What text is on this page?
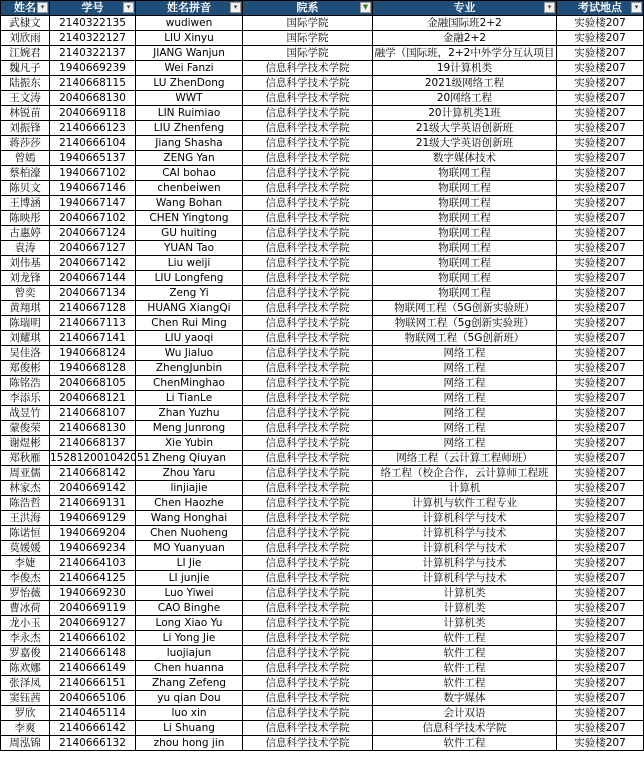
姓名 ▾	学号 ▾	姓名拼音 ▾	院系 ▼	专业 ▾	考试地点 ▾

武棣文	2140322135	wudiwen	国际学院	金融国际班2+2	实验楼207
刘欣雨	2140322127	LIU Xinyu	国际学院	金融2+2	实验楼207
江婉君	2140322137	JIANG Wanjun	国际学院	融学（国际班，2+2中外学分互认项目	实验楼207
魏凡子	1940669239	Wei Fanzi	信息科学技术学院	19计算机类	实验楼207
陆振东	2140668115	LU ZhenDong	信息科学技术学院	2021级网络工程	实验楼207
王文涛	2040668130	WWT	信息科学技术学院	20网络工程	实验楼207
林锐苗	2040669118	LIN Ruimiao	信息科学技术学院	20计算机类1班	实验楼207
刘振锋	2140666123	LIU Zhenfeng	信息科学技术学院	21级大学英语创新班	实验楼207
蒋莎莎	2140666104	Jiang Shasha	信息科学技术学院	21级大学英语创新班	实验楼207
曾嫣	1940665137	ZENG Yan	信息科学技术学院	数字媒体技术	实验楼207
蔡柏濠	1940667102	CAI bohao	信息科学技术学院	物联网工程	实验楼207
陈贝文	1940667146	chenbeiwen	信息科学技术学院	物联网工程	实验楼207
王博涵	1940667147	Wang Bohan	信息科学技术学院	物联网工程	实验楼207
陈映彤	2040667102	CHEN Yingtong	信息科学技术学院	物联网工程	实验楼207
古惠婷	2040667124	GU huiting	信息科学技术学院	物联网工程	实验楼207
袁涛	2040667127	YUAN Tao	信息科学技术学院	物联网工程	实验楼207
刘伟基	2040667142	Liu weiji	信息科学技术学院	物联网工程	实验楼207
刘龙锋	2040667144	LIU Longfeng	信息科学技术学院	物联网工程	实验楼207
曾奕	2040667134	Zeng Yi	信息科学技术学院	物联网工程	实验楼207
黄翔琪	2140667128	HUANG XiangQi	信息科学技术学院	物联网工程（5G创新实验班）	实验楼207
陈瑞明	2140667113	Chen Rui Ming	信息科学技术学院	物联网工程（5g创新实验班）	实验楼207
刘耀琪	2140667141	LIU yaoqi	信息科学技术学院	物联网工程（5G创新班）	实验楼207
吴佳洛	1940668124	Wu Jialuo	信息科学技术学院	网络工程	实验楼207
郑俊彬	1940668128	ZhengJunbin	信息科学技术学院	网络工程	实验楼207
陈铭浩	2040668105	ChenMinghao	信息科学技术学院	网络工程	实验楼207
李添乐	2040668121	Li TianLe	信息科学技术学院	网络工程	实验楼207
战昱竹	2140668107	Zhan Yuzhu	信息科学技术学院	网络工程	实验楼207
蒙俊荣	2140668130	Meng Junrong	信息科学技术学院	网络工程	实验楼207
谢煜彬	2140668137	Xie Yubin	信息科学技术学院	网络工程	实验楼207
郑秋雁	152812001042051	Zheng Qiuyan	信息科学技术学院	网络工程（云计算工程师班）	实验楼207
周亚儒	2140668142	Zhou Yaru	信息科学技术学院	络工程（校企合作，云计算师工程班	实验楼207
林家杰	2040669142	linjiajie	信息科学技术学院	计算机	实验楼207
陈浩哲	2140669131	Chen Haozhe	信息科学技术学院	计算机与软件工程专业	实验楼207
王洪海	1940669129	Wang Honghai	信息科学技术学院	计算机科学与技术	实验楼207
陈诺恒	1940669204	Chen Nuoheng	信息科学技术学院	计算机科学与技术	实验楼207
莫媛媛	1940669234	MO Yuanyuan	信息科学技术学院	计算机科学与技术	实验楼207
李婕	2140664103	LI Jie	信息科学技术学院	计算机科学与技术	实验楼207
李俊杰	2140664125	LI junjie	信息科学技术学院	计算机科学与技术	实验楼207
罗怡薇	1940669230	Luo Yiwei	信息科学技术学院	计算机类	实验楼207
曹冰荷	2040669119	CAO Binghe	信息科学技术学院	计算机类	实验楼207
龙小玉	2040669127	Long Xiao Yu	信息科学技术学院	计算机类	实验楼207
李永杰	2140666102	Li Yong Jie	信息科学技术学院	软件工程	实验楼207
罗嘉俊	2140666148	luojiajun	信息科学技术学院	软件工程	实验楼207
陈欢娜	2140666149	Chen huanna	信息科学技术学院	软件工程	实验楼207
张泽凤	2140666151	Zhang Zefeng	信息科学技术学院	软件工程	实验楼207
窦钰茜	2040665106	yu qian Dou	信息科学技术学院	数字媒体	实验楼207
罗欣	2140465114	luo xin	信息科学技术学院	会计双语	实验楼207
李爽	2140666142	Li Shuang	信息科学技术学院	信息科学技术学院	实验楼207
周泓锦	2140666132	zhou hong jin	信息科学技术学院	软件工程	实验楼207
